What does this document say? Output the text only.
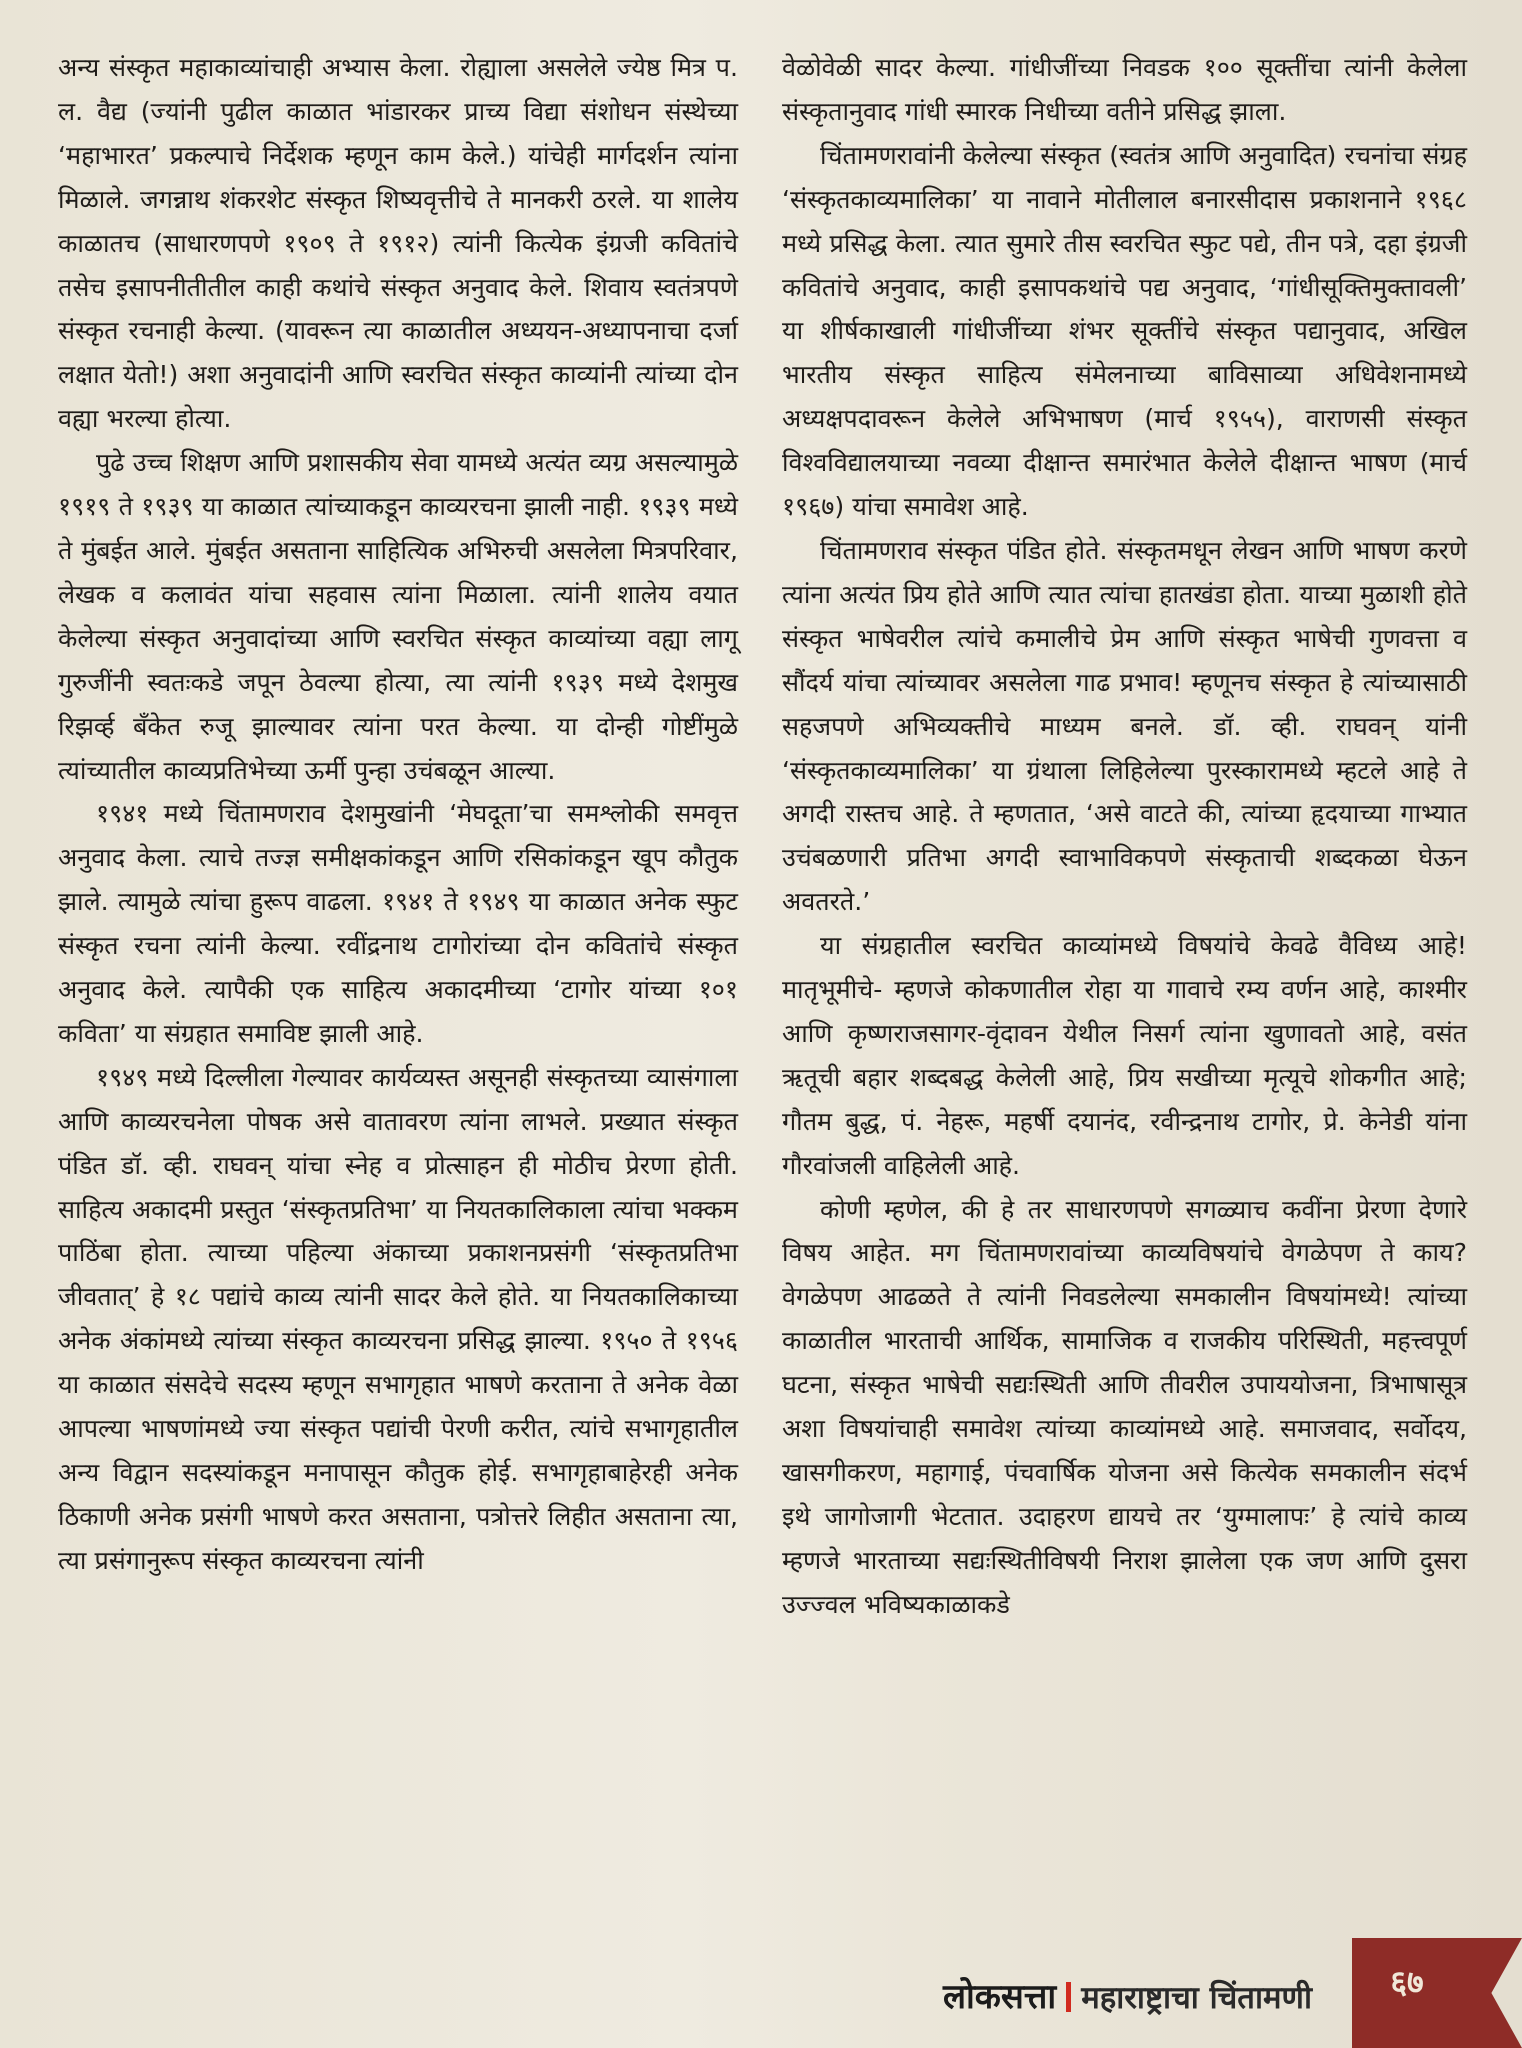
अन्य संस्कृत महाकाव्यांचाही अभ्यास केला. रोह्याला असलेले ज्येष्ठ मित्र प. ल. वैद्य (ज्यांनी पुढील काळात भांडारकर प्राच्य विद्या संशोधन संस्थेच्या ‘महाभारत’ प्रकल्पाचे निर्देशक म्हणून काम केले.) यांचेही मार्गदर्शन त्यांना मिळाले. जगन्नाथ शंकरशेट संस्कृत शिष्यवृत्तीचे ते मानकरी ठरले. या शालेय काळातच (साधारणपणे १९०९ ते १९१२) त्यांनी कित्येक इंग्रजी कवितांचे तसेच इसापनीतीतील काही कथांचे संस्कृत अनुवाद केले. शिवाय स्वतंत्रपणे संस्कृत रचनाही केल्या. (यावरून त्या काळातील अध्ययन-अध्यापनाचा दर्जा लक्षात येतो!) अशा अनुवादांनी आणि स्वरचित संस्कृत काव्यांनी त्यांच्या दोन वह्या भरल्या होत्या.

पुढे उच्च शिक्षण आणि प्रशासकीय सेवा यामध्ये अत्यंत व्यग्र असल्यामुळे १९१९ ते १९३९ या काळात त्यांच्याकडून काव्यरचना झाली नाही. १९३९ मध्ये ते मुंबईत आले. मुंबईत असताना साहित्यिक अभिरुची असलेला मित्रपरिवार, लेखक व कलावंत यांचा सहवास त्यांना मिळाला. त्यांनी शालेय वयात केलेल्या संस्कृत अनुवादांच्या आणि स्वरचित संस्कृत काव्यांच्या वह्या लागू गुरुजींनी स्वतःकडे जपून ठेवल्या होत्या, त्या त्यांनी १९३९ मध्ये देशमुख रिझर्व्ह बँकेत रुजू झाल्यावर त्यांना परत केल्या. या दोन्ही गोष्टींमुळे त्यांच्यातील काव्यप्रतिभेच्या ऊर्मी पुन्हा उचंबळून आल्या.

१९४१ मध्ये चिंतामणराव देशमुखांनी ‘मेघदूता’चा समश्लोकी समवृत्त अनुवाद केला. त्याचे तज्ज्ञ समीक्षकांकडून आणि रसिकांकडून खूप कौतुक झाले. त्यामुळे त्यांचा हुरूप वाढला. १९४१ ते १९४९ या काळात अनेक स्फुट संस्कृत रचना त्यांनी केल्या. रवींद्रनाथ टागोरांच्या दोन कवितांचे संस्कृत अनुवाद केले. त्यापैकी एक साहित्य अकादमीच्या ‘टागोर यांच्या १०१ कविता’ या संग्रहात समाविष्ट झाली आहे.

१९४९ मध्ये दिल्लीला गेल्यावर कार्यव्यस्त असूनही संस्कृतच्या व्यासंगाला आणि काव्यरचनेला पोषक असे वातावरण त्यांना लाभले. प्रख्यात संस्कृत पंडित डॉ. व्ही. राघवन् यांचा स्नेह व प्रोत्साहन ही मोठीच प्रेरणा होती. साहित्य अकादमी प्रस्तुत ‘संस्कृतप्रतिभा’ या नियतकालिकाला त्यांचा भक्कम पाठिंबा होता. त्याच्या पहिल्या अंकाच्या प्रकाशनप्रसंगी ‘संस्कृतप्रतिभा जीवतात्’ हे १८ पद्यांचे काव्य त्यांनी सादर केले होते. या नियतकालिकाच्या अनेक अंकांमध्ये त्यांच्या संस्कृत काव्यरचना प्रसिद्ध झाल्या. १९५० ते १९५६ या काळात संसदेचे सदस्य म्हणून सभागृहात भाषणे करताना ते अनेक वेळा आपल्या भाषणांमध्ये ज्या संस्कृत पद्यांची पेरणी करीत, त्यांचे सभागृहातील अन्य विद्वान सदस्यांकडून मनापासून कौतुक होई. सभागृहाबाहेरही अनेक ठिकाणी अनेक प्रसंगी भाषणे करत असताना, पत्रोत्तरे लिहीत असताना त्या, त्या प्रसंगानुरूप संस्कृत काव्यरचना त्यांनी

वेळोवेळी सादर केल्या. गांधीजींच्या निवडक १०० सूक्तींचा त्यांनी केलेला संस्कृतानुवाद गांधी स्मारक निधीच्या वतीने प्रसिद्ध झाला.

चिंतामणरावांनी केलेल्या संस्कृत (स्वतंत्र आणि अनुवादित) रचनांचा संग्रह ‘संस्कृतकाव्यमालिका’ या नावाने मोतीलाल बनारसीदास प्रकाशनाने १९६८ मध्ये प्रसिद्ध केला. त्यात सुमारे तीस स्वरचित स्फुट पद्ये, तीन पत्रे, दहा इंग्रजी कवितांचे अनुवाद, काही इसापकथांचे पद्य अनुवाद, ‘गांधीसूक्तिमुक्तावली’ या शीर्षकाखाली गांधीजींच्या शंभर सूक्तींचे संस्कृत पद्यानुवाद, अखिल भारतीय संस्कृत साहित्य संमेलनाच्या बाविसाव्या अधिवेशनामध्ये अध्यक्षपदावरून केलेले अभिभाषण (मार्च १९५५), वाराणसी संस्कृत विश्वविद्यालयाच्या नवव्या दीक्षान्त समारंभात केलेले दीक्षान्त भाषण (मार्च १९६७) यांचा समावेश आहे.

चिंतामणराव संस्कृत पंडित होते. संस्कृतमधून लेखन आणि भाषण करणे त्यांना अत्यंत प्रिय होते आणि त्यात त्यांचा हातखंडा होता. याच्या मुळाशी होते संस्कृत भाषेवरील त्यांचे कमालीचे प्रेम आणि संस्कृत भाषेची गुणवत्ता व सौंदर्य यांचा त्यांच्यावर असलेला गाढ प्रभाव! म्हणूनच संस्कृत हे त्यांच्यासाठी सहजपणे अभिव्यक्तीचे माध्यम बनले. डॉ. व्ही. राघवन् यांनी ‘संस्कृतकाव्यमालिका’ या ग्रंथाला लिहिलेल्या पुरस्कारामध्ये म्हटले आहे ते अगदी रास्तच आहे. ते म्हणतात, ‘असे वाटते की, त्यांच्या हृदयाच्या गाभ्यात उचंबळणारी प्रतिभा अगदी स्वाभाविकपणे संस्कृताची शब्दकळा घेऊन अवतरते.’

या संग्रहातील स्वरचित काव्यांमध्ये विषयांचे केवढे वैविध्य आहे! मातृभूमीचे- म्हणजे कोकणातील रोहा या गावाचे रम्य वर्णन आहे, काश्मीर आणि कृष्णराजसागर-वृंदावन येथील निसर्ग त्यांना खुणावतो आहे, वसंत ऋतूची बहार शब्दबद्ध केलेली आहे, प्रिय सखीच्या मृत्यूचे शोकगीत आहे; गौतम बुद्ध, पं. नेहरू, महर्षी दयानंद, रवीन्द्रनाथ टागोर, प्रे. केनेडी यांना गौरवांजली वाहिलेली आहे.

कोणी म्हणेल, की हे तर साधारणपणे सगळ्याच कवींना प्रेरणा देणारे विषय आहेत. मग चिंतामणरावांच्या काव्यविषयांचे वेगळेपण ते काय? वेगळेपण आढळते ते त्यांनी निवडलेल्या समकालीन विषयांमध्ये! त्यांच्या काळातील भारताची आर्थिक, सामाजिक व राजकीय परिस्थिती, महत्त्वपूर्ण घटना, संस्कृत भाषेची सद्यःस्थिती आणि तीवरील उपाययोजना, त्रिभाषासूत्र अशा विषयांचाही समावेश त्यांच्या काव्यांमध्ये आहे. समाजवाद, सर्वोदय, खासगीकरण, महागाई, पंचवार्षिक योजना असे कित्येक समकालीन संदर्भ इथे जागोजागी भेटतात. उदाहरण द्यायचे तर ‘युग्मालापः’ हे त्यांचे काव्य म्हणजे भारताच्या सद्यःस्थितीविषयी निराश झालेला एक जण आणि दुसरा उज्ज्वल भविष्यकाळाकडे

लोकसत्ता महाराष्ट्राचा चिंतामणी	६७
